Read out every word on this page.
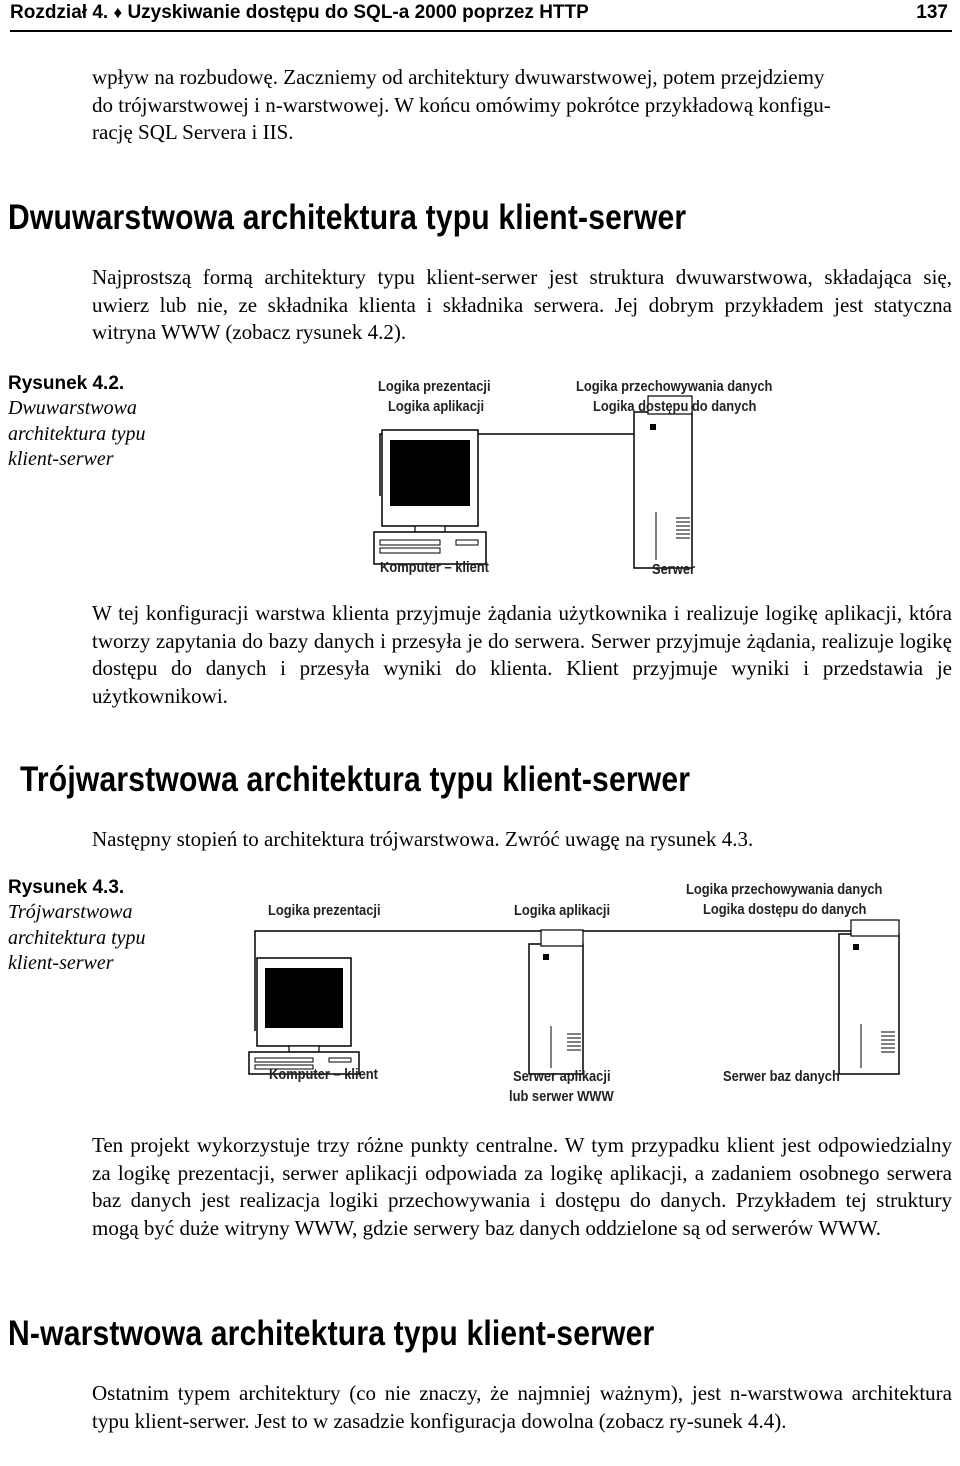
Rozdział 4. ♦ Uzyskiwanie dostępu do SQL-a 2000 poprzez HTTP	137
wpływ na rozbudowę. Zaczniemy od architektury dwuwarstwowej, potem przejdziemy
do trójwarstwowej i n-warstwowej. W końcu omówimy pokrótce przykładową konfigu-
rację SQL Servera i IIS.
Dwuwarstwowa architektura typu klient-serwer

Najprostszą formą architektury typu klient-serwer jest struktura dwuwarstwowa, składająca się, uwierz lub nie, ze składnika klienta i składnika serwera. Jej dobrym przykładem jest statyczna witryna WWW (zobacz rysunek 4.2).

Rysunek 4.2.
Dwuwarstwowa
architektura typu
klient-serwer
Logika prezentacji
Logika aplikacji
Logika przechowywania danych
Logika dostępu do danych
Komputer – klient	Serwer

W tej konfiguracji warstwa klienta przyjmuje żądania użytkownika i realizuje logikę aplikacji, która tworzy zapytania do bazy danych i przesyła je do serwera. Serwer przyjmuje żądania, realizuje logikę dostępu do danych i przesyła wyniki do klienta. Klient przyjmuje wyniki i przedstawia je użytkownikowi.

Trójwarstwowa architektura typu klient-serwer

Następny stopień to architektura trójwarstwowa. Zwróć uwagę na rysunek 4.3.

Rysunek 4.3.
Trójwarstwowa
architektura typu
klient-serwer
Logika prezentacji	Logika aplikacji
Logika przechowywania danych
Logika dostępu do danych
Komputer – klient	Serwer aplikacji
lub serwer WWW
Serwer baz danych

Ten projekt wykorzystuje trzy różne punkty centralne. W tym przypadku klient jest odpowiedzialny za logikę prezentacji, serwer aplikacji odpowiada za logikę aplikacji, a zadaniem osobnego serwera baz danych jest realizacja logiki przechowywania i dostępu do danych. Przykładem tej struktury mogą być duże witryny WWW, gdzie serwery baz danych oddzielone są od serwerów WWW.

N-warstwowa architektura typu klient-serwer

Ostatnim typem architektury (co nie znaczy, że najmniej ważnym), jest n-warstwowa architektura typu klient-serwer. Jest to w zasadzie konfiguracja dowolna (zobacz ry-sunek 4.4).
